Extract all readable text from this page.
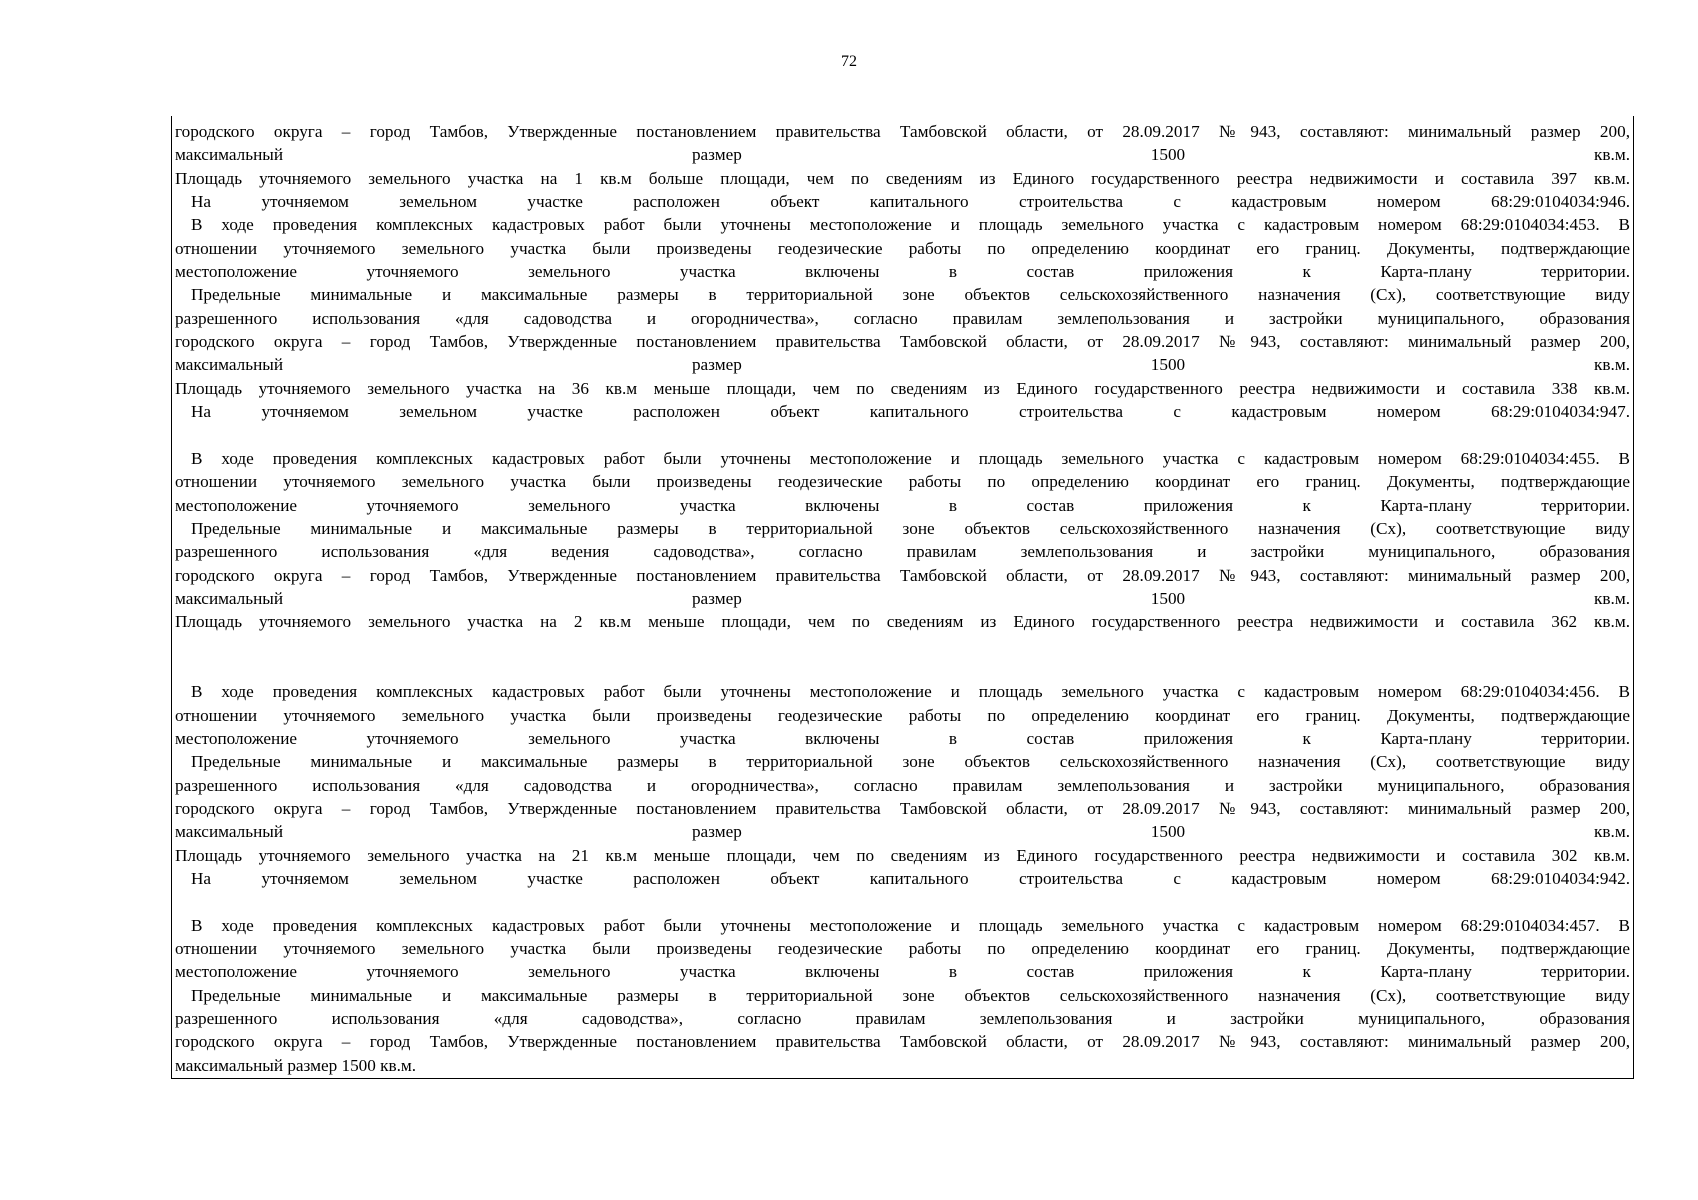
72
городского округа – город Тамбов, Утвержденные постановлением правительства Тамбовской области, от 28.09.2017 №943, составляют: минимальный размер 200,
максимальный размер 1500 кв.м.
Площадь уточняемого земельного участка на 1 кв.м больше площади, чем по сведениям из Единого государственного реестра недвижимости и составила 397 кв.м.
На уточняемом земельном участке расположен объект капитального строительства с кадастровым номером 68:29:0104034:946.
В ходе проведения комплексных кадастровых работ были уточнены местоположение и площадь земельного участка с кадастровым номером 68:29:0104034:453. В
отношении уточняемого земельного участка были произведены геодезические работы по определению координат его границ. Документы, подтверждающие
местоположение уточняемого земельного участка включены в состав приложения к Карта-плану территории.
Предельные минимальные и максимальные размеры в территориальной зоне объектов сельскохозяйственного назначения (Сх), соответствующие виду
разрешенного использования «для садоводства и огородничества», согласно правилам землепользования и застройки муниципального, образования
городского округа – город Тамбов, Утвержденные постановлением правительства Тамбовской области, от 28.09.2017 №943, составляют: минимальный размер 200,
максимальный размер 1500 кв.м.
Площадь уточняемого земельного участка на 36 кв.м меньше площади, чем по сведениям из Единого государственного реестра недвижимости и составила 338 кв.м.
На уточняемом земельном участке расположен объект капитального строительства с кадастровым номером 68:29:0104034:947.
В ходе проведения комплексных кадастровых работ были уточнены местоположение и площадь земельного участка с кадастровым номером 68:29:0104034:455. В
отношении уточняемого земельного участка были произведены геодезические работы по определению координат его границ. Документы, подтверждающие
местоположение уточняемого земельного участка включены в состав приложения к Карта-плану территории.
Предельные минимальные и максимальные размеры в территориальной зоне объектов сельскохозяйственного назначения (Сх), соответствующие виду
разрешенного использования «для ведения садоводства», согласно правилам землепользования и застройки муниципального, образования
городского округа – город Тамбов, Утвержденные постановлением правительства Тамбовской области, от 28.09.2017 №943, составляют: минимальный размер 200,
максимальный размер 1500 кв.м.
Площадь уточняемого земельного участка на 2 кв.м меньше площади, чем по сведениям из Единого государственного реестра недвижимости и составила 362 кв.м.
В ходе проведения комплексных кадастровых работ были уточнены местоположение и площадь земельного участка с кадастровым номером 68:29:0104034:456. В
отношении уточняемого земельного участка были произведены геодезические работы по определению координат его границ. Документы, подтверждающие
местоположение уточняемого земельного участка включены в состав приложения к Карта-плану территории.
Предельные минимальные и максимальные размеры в территориальной зоне объектов сельскохозяйственного назначения (Сх), соответствующие виду
разрешенного использования «для садоводства и огородничества», согласно правилам землепользования и застройки муниципального, образования
городского округа – город Тамбов, Утвержденные постановлением правительства Тамбовской области, от 28.09.2017 №943, составляют: минимальный размер 200,
максимальный размер 1500 кв.м.
Площадь уточняемого земельного участка на 21 кв.м меньше площади, чем по сведениям из Единого государственного реестра недвижимости и составила 302 кв.м.
На уточняемом земельном участке расположен объект капитального строительства с кадастровым номером 68:29:0104034:942.
В ходе проведения комплексных кадастровых работ были уточнены местоположение и площадь земельного участка с кадастровым номером 68:29:0104034:457. В
отношении уточняемого земельного участка были произведены геодезические работы по определению координат его границ. Документы, подтверждающие
местоположение уточняемого земельного участка включены в состав приложения к Карта-плану территории.
Предельные минимальные и максимальные размеры в территориальной зоне объектов сельскохозяйственного назначения (Сх), соответствующие виду
разрешенного использования «для садоводства», согласно правилам землепользования и застройки муниципального, образования
городского округа – город Тамбов, Утвержденные постановлением правительства Тамбовской области, от 28.09.2017 №943, составляют: минимальный размер 200,
максимальный размер 1500 кв.м.
